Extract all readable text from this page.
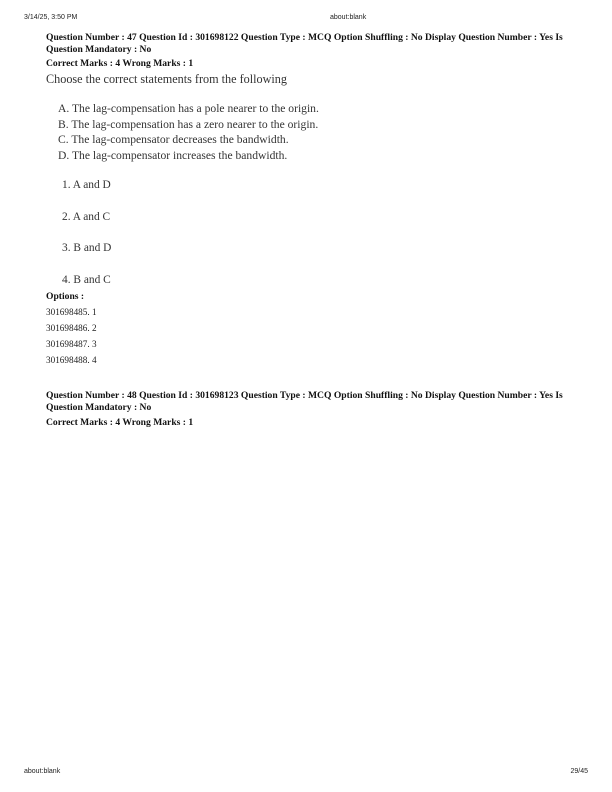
3/14/25, 3:50 PM	about:blank
Question Number : 47 Question Id : 301698122 Question Type : MCQ Option Shuffling : No Display Question Number : Yes Is Question Mandatory : No
Correct Marks : 4 Wrong Marks : 1
Choose the correct statements from the following
A. The lag-compensation has a pole nearer to the origin.
B. The lag-compensation has a zero nearer to the origin.
C. The lag-compensator decreases the bandwidth.
D. The lag-compensator increases the bandwidth.
1. A and D
2. A and C
3. B and D
4. B and C
Options :
301698485. 1
301698486. 2
301698487. 3
301698488. 4
Question Number : 48 Question Id : 301698123 Question Type : MCQ Option Shuffling : No Display Question Number : Yes Is Question Mandatory : No
Correct Marks : 4 Wrong Marks : 1
about:blank	29/45
